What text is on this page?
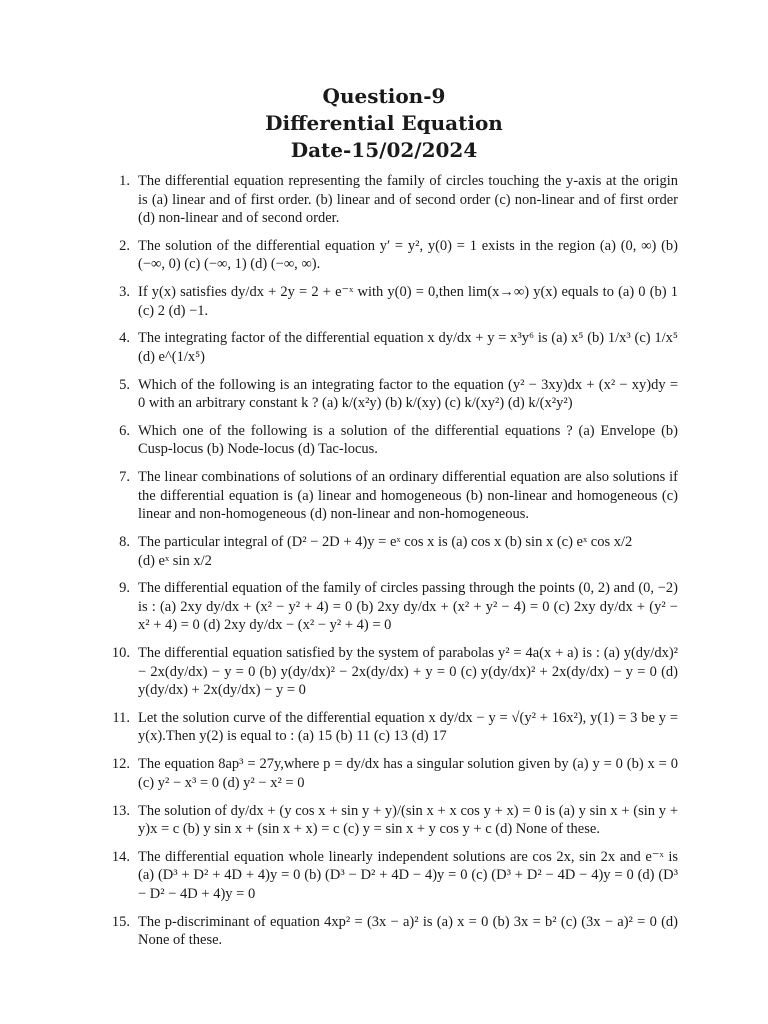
Question-9
Differential Equation
Date-15/02/2024
1. The differential equation representing the family of circles touching the y-axis at the origin is (a) linear and of first order. (b) linear and of second order (c) non-linear and of first order (d) non-linear and of second order.
2. The solution of the differential equation y′ = y², y(0) = 1 exists in the region (a) (0, ∞) (b) (−∞, 0) (c) (−∞, 1) (d) (−∞, ∞).
3. If y(x) satisfies dy/dx + 2y = 2 + e⁻ˣ with y(0) = 0,then lim(x→∞) y(x) equals to (a) 0 (b) 1 (c) 2 (d) −1.
4. The integrating factor of the differential equation x dy/dx + y = x³y⁶ is (a) x⁵ (b) 1/x³ (c) 1/x⁵ (d) e^(1/x⁵)
5. Which of the following is an integrating factor to the equation (y² − 3xy)dx + (x² − xy)dy = 0 with an arbitrary constant k ? (a) k/(x²y) (b) k/(xy) (c) k/(xy²) (d) k/(x²y²)
6. Which one of the following is a solution of the differential equations ? (a) Envelope (b) Cusp-locus (b) Node-locus (d) Tac-locus.
7. The linear combinations of solutions of an ordinary differential equation are also solutions if the differential equation is (a) linear and homogeneous (b) non-linear and homogeneous (c) linear and non-homogeneous (d) non-linear and non-homogeneous.
8. The particular integral of (D² − 2D + 4)y = eˣ cos x is (a) cos x (b) sin x (c) eˣ cos x/2
(d) eˣ sin x/2
9. The differential equation of the family of circles passing through the points (0, 2) and (0, −2) is : (a) 2xy dy/dx + (x² − y² + 4) = 0 (b) 2xy dy/dx + (x² + y² − 4) = 0 (c) 2xy dy/dx + (y² − x² + 4) = 0 (d) 2xy dy/dx − (x² − y² + 4) = 0
10. The differential equation satisfied by the system of parabolas y² = 4a(x + a) is : (a) y(dy/dx)² − 2x(dy/dx) − y = 0 (b) y(dy/dx)² − 2x(dy/dx) + y = 0 (c) y(dy/dx)² + 2x(dy/dx) − y = 0 (d) y(dy/dx) + 2x(dy/dx) − y = 0
11. Let the solution curve of the differential equation x dy/dx − y = √(y² + 16x²), y(1) = 3 be y = y(x).Then y(2) is equal to : (a) 15 (b) 11 (c) 13 (d) 17
12. The equation 8ap³ = 27y,where p = dy/dx has a singular solution given by (a) y = 0 (b) x = 0 (c) y² − x³ = 0 (d) y² − x² = 0
13. The solution of dy/dx + (y cos x + sin y + y)/(sin x + x cos y + x) = 0 is (a) y sin x + (sin y + y)x = c (b) y sin x + (sin x + x) = c (c) y = sin x + y cos y + c (d) None of these.
14. The differential equation whole linearly independent solutions are cos 2x, sin 2x and e⁻ˣ is (a) (D³ + D² + 4D + 4)y = 0 (b) (D³ − D² + 4D − 4)y = 0 (c) (D³ + D² − 4D − 4)y = 0 (d) (D³ − D² − 4D + 4)y = 0
15. The p-discriminant of equation 4xp² = (3x − a)² is (a) x = 0 (b) 3x = b² (c) (3x − a)² = 0 (d) None of these.
